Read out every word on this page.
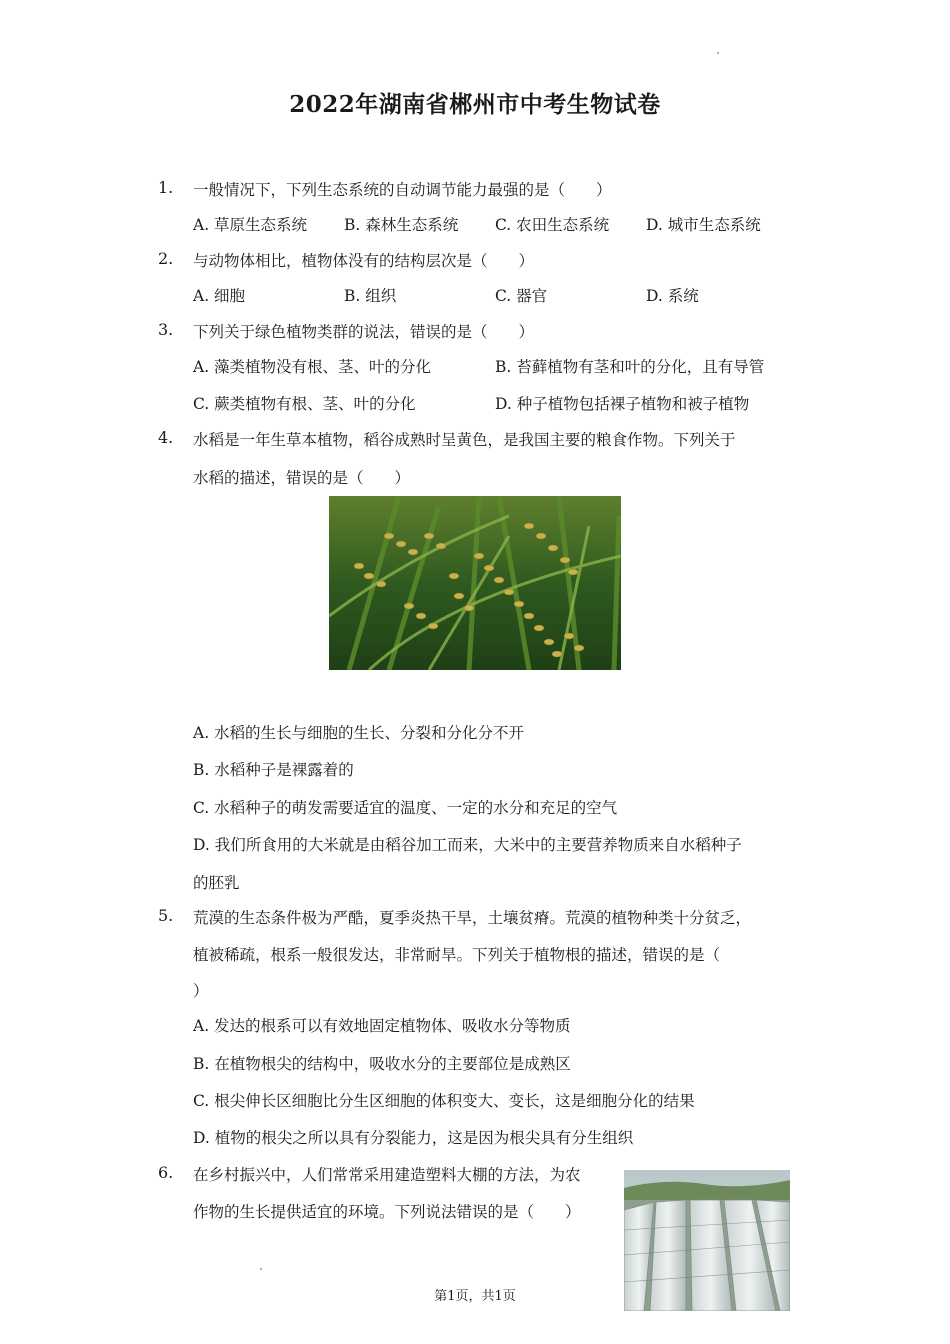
2022年湖南省郴州市中考生物试卷
1. 一般情况下，下列生态系统的自动调节能力最强的是（　　）
A. 草原生态系统 B. 森林生态系统 C. 农田生态系统 D. 城市生态系统
2. 与动物体相比，植物体没有的结构层次是（　　）
A. 细胞	B. 组织	C. 器官	D. 系统
3. 下列关于绿色植物类群的说法，错误的是（　　）
A. 藻类植物没有根、茎、叶的分化	B. 苔藓植物有茎和叶的分化，且有导管
C. 蕨类植物有根、茎、叶的分化	D. 种子植物包括裸子植物和被子植物
4. 水稻是一年生草本植物，稻谷成熟时呈黄色，是我国主要的粮食作物。下列关于
水稻的描述，错误的是（　　）
A. 水稻的生长与细胞的生长、分裂和分化分不开
B. 水稻种子是裸露着的
C. 水稻种子的萌发需要适宜的温度、一定的水分和充足的空气
D. 我们所食用的大米就是由稻谷加工而来，大米中的主要营养物质来自水稻种子
的胚乳
5. 荒漠的生态条件极为严酷，夏季炎热干旱，土壤贫瘠。荒漠的植物种类十分贫乏，
植被稀疏，根系一般很发达，非常耐旱。下列关于植物根的描述，错误的是（
）
A. 发达的根系可以有效地固定植物体、吸收水分等物质
B. 在植物根尖的结构中，吸收水分的主要部位是成熟区
C. 根尖伸长区细胞比分生区细胞的体积变大、变长，这是细胞分化的结果
D. 植物的根尖之所以具有分裂能力，这是因为根尖具有分生组织
6. 在乡村振兴中，人们常常采用建造塑料大棚的方法，为农
作物的生长提供适宜的环境。下列说法错误的是（　　）
第1页，共1页
